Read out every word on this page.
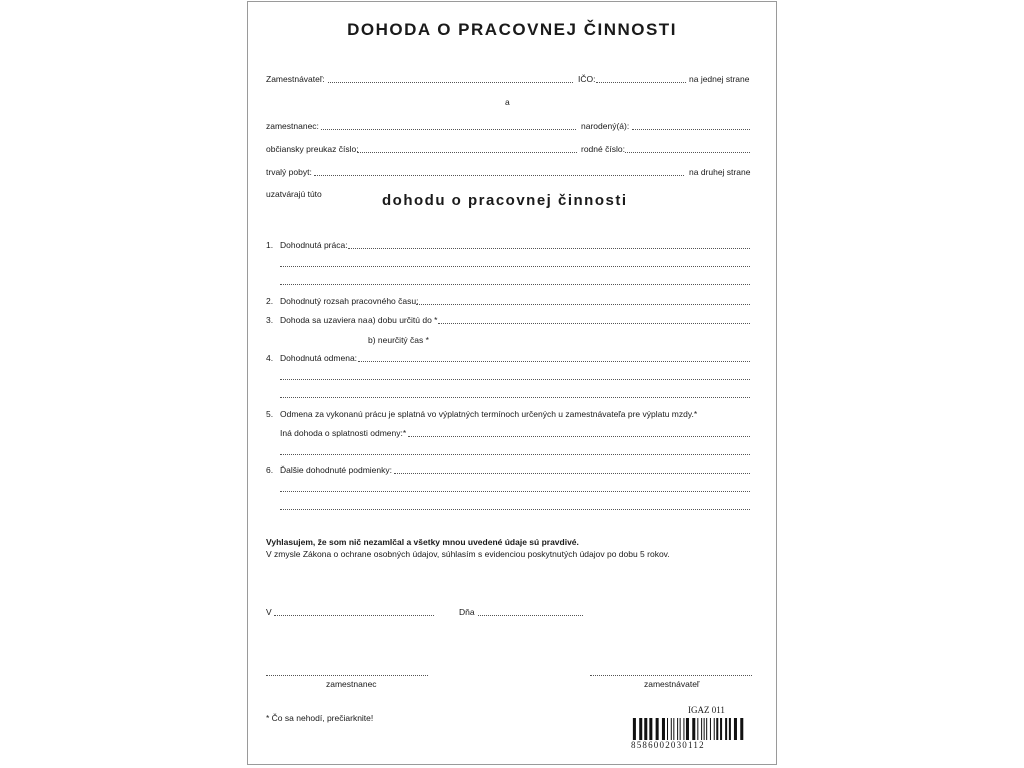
DOHODA O PRACOVNEJ ČINNOSTI
Zamestnávateľ:	IČO:	na jednej strane
a
zamestnanec:	narodený(á):
občiansky preukaz číslo:	rodné číslo:
trvalý pobyt:	na druhej strane
uzatvárajú túto	dohodu o pracovnej činnosti
1. Dohodnutá práca:
2. Dohodnutý rozsah pracovného času:
3. Dohoda sa uzaviera na a) dobu určitú do *
b) neurčitý čas *
4. Dohodnutá odmena:
5. Odmena za vykonanú prácu je splatná vo výplatných termínoch určených u zamestnávateľa pre výplatu mzdy.*
Iná dohoda o splatnosti odmeny:*
6. Ďalšie dohodnuté podmienky:
Vyhlasujem, že som nič nezamlčal a všetky mnou uvedené údaje sú pravdivé.
V zmysle Zákona o ochrane osobných údajov, súhlasím s evidenciou poskytnutých údajov po dobu 5 rokov.
V	Dňa
zamestnanec	zamestnávateľ
* Čo sa nehodí, prečiarknite!
IGAZ 011
8586002030112
